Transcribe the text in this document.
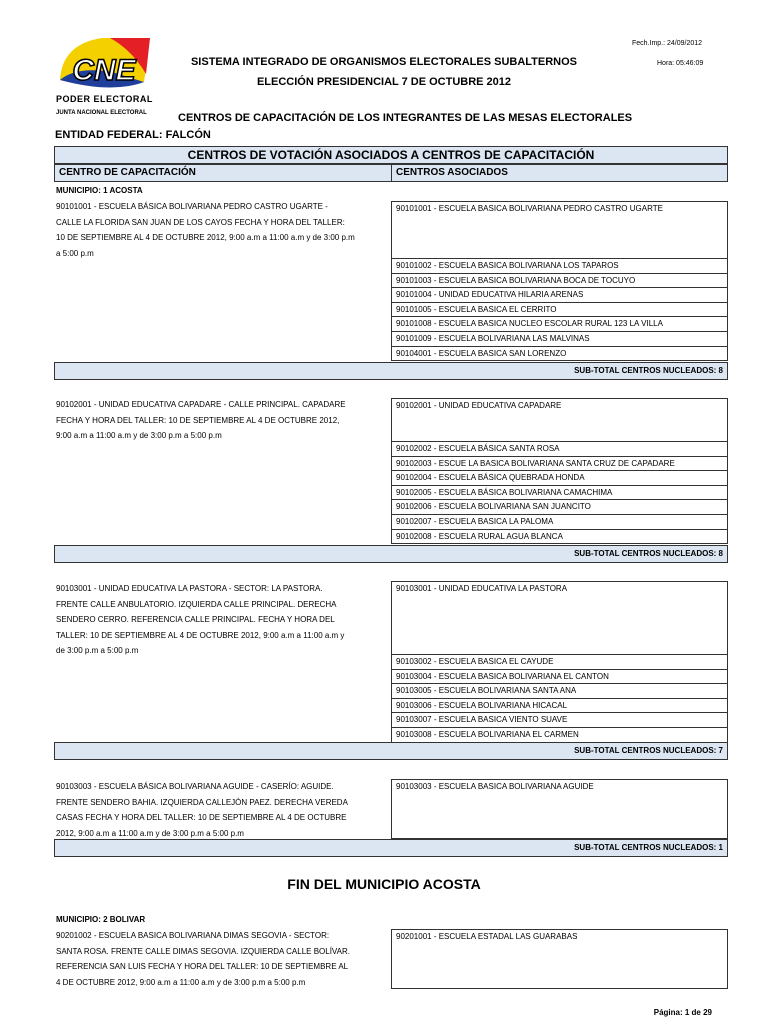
CNE
PODER ELECTORAL
JUNTA NACIONAL ELECTORAL
SISTEMA INTEGRADO DE ORGANISMOS ELECTORALES SUBALTERNOS
ELECCIÓN PRESIDENCIAL 7 DE OCTUBRE 2012
Fech.Imp.: 24/09/2012
Hora: 05:46:09
CENTROS DE CAPACITACIÓN DE LOS INTEGRANTES DE LAS MESAS ELECTORALES
ENTIDAD FEDERAL: FALCÓN
CENTROS DE VOTACIÓN ASOCIADOS A CENTROS DE CAPACITACIÓN
CENTRO DE CAPACITACIÓN	CENTROS ASOCIADOS
MUNICIPIO: 1 ACOSTA
90101001 - ESCUELA BÁSICA BOLIVARIANA PEDRO CASTRO UGARTE -
CALLE LA FLORIDA SAN JUAN DE LOS CAYOS FECHA Y HORA DEL TALLER:
10 DE SEPTIEMBRE AL 4 DE OCTUBRE 2012, 9:00 a.m a 11:00 a.m y de 3:00 p.m
a 5:00 p.m
90101001 - ESCUELA BASICA BOLIVARIANA PEDRO CASTRO UGARTE
90101002 - ESCUELA BASICA BOLIVARIANA LOS TAPAROS
90101003 - ESCUELA BASICA BOLIVARIANA BOCA DE TOCUYO
90101004 - UNIDAD EDUCATIVA HILARIA ARENAS
90101005 - ESCUELA BASICA EL CERRITO
90101008 - ESCUELA BASICA NUCLEO ESCOLAR RURAL 123 LA VILLA
90101009 - ESCUELA BOLIVARIANA LAS MALVINAS
90104001 - ESCUELA BASICA SAN LORENZO
SUB-TOTAL CENTROS NUCLEADOS: 8
90102001 - UNIDAD EDUCATIVA CAPADARE - CALLE PRINCIPAL. CAPADARE
FECHA Y HORA DEL TALLER: 10 DE SEPTIEMBRE AL 4 DE OCTUBRE 2012,
9:00 a.m a 11:00 a.m y de 3:00 p.m a 5:00 p.m
90102001 - UNIDAD EDUCATIVA CAPADARE
90102002 - ESCUELA BÁSICA SANTA ROSA
90102003 - ESCUE LA BASICA BOLIVARIANA SANTA CRUZ DE CAPADARE
90102004 - ESCUELA BÁSICA QUEBRADA HONDA
90102005 - ESCUELA BÁSICA BOLIVARIANA CAMACHIMA
90102006 - ESCUELA BOLIVARIANA SAN JUANCITO
90102007 - ESCUELA BASICA LA PALOMA
90102008 - ESCUELA RURAL AGUA BLANCA
SUB-TOTAL CENTROS NUCLEADOS: 8
90103001 - UNIDAD EDUCATIVA LA PASTORA - SECTOR: LA PASTORA.
FRENTE CALLE ANBULATORIO. IZQUIERDA CALLE PRINCIPAL. DERECHA
SENDERO CERRO. REFERENCIA CALLE PRINCIPAL. FECHA Y HORA DEL
TALLER: 10 DE SEPTIEMBRE AL 4 DE OCTUBRE 2012, 9:00 a.m a 11:00 a.m y
de 3:00 p.m a 5:00 p.m
90103001 - UNIDAD EDUCATIVA LA PASTORA
90103002 - ESCUELA BASICA EL CAYUDE
90103004 - ESCUELA BASICA BOLIVARIANA EL CANTON
90103005 - ESCUELA BOLIVARIANA SANTA ANA
90103006 - ESCUELA BOLIVARIANA HICACAL
90103007 - ESCUELA BASICA VIENTO SUAVE
90103008 - ESCUELA BOLIVARIANA EL CARMEN
SUB-TOTAL CENTROS NUCLEADOS: 7
90103003 - ESCUELA BÁSICA BOLIVARIANA AGUIDE - CASERÍO: AGUIDE.
FRENTE SENDERO BAHIA. IZQUIERDA CALLEJÓN PAEZ. DERECHA VEREDA
CASAS FECHA Y HORA DEL TALLER: 10 DE SEPTIEMBRE AL 4 DE OCTUBRE
2012, 9:00 a.m a 11:00 a.m y de 3:00 p.m a 5:00 p.m
90103003 - ESCUELA BASICA BOLIVARIANA AGUIDE
SUB-TOTAL CENTROS NUCLEADOS: 1
FIN DEL MUNICIPIO ACOSTA
MUNICIPIO: 2 BOLIVAR
90201002 - ESCUELA BASICA BOLIVARIANA DIMAS SEGOVIA - SECTOR:
SANTA ROSA. FRENTE CALLE DIMAS SEGOVIA. IZQUIERDA CALLE BOLÍVAR.
REFERENCIA SAN LUIS FECHA Y HORA DEL TALLER: 10 DE SEPTIEMBRE AL
4 DE OCTUBRE 2012, 9:00 a.m a 11:00 a.m y de 3:00 p.m a 5:00 p.m
90201001 - ESCUELA ESTADAL LAS GUARABAS
Página: 1 de 29
